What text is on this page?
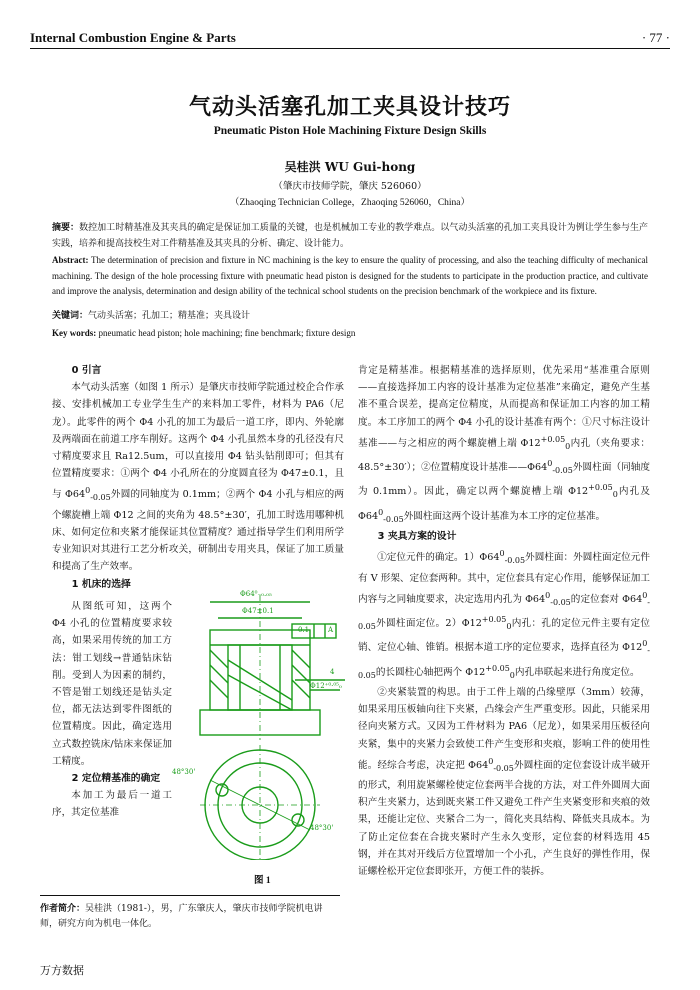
Internal Combustion Engine & Parts	· 77 ·
气动头活塞孔加工夹具设计技巧
Pneumatic Piston Hole Machining Fixture Design Skills
吴桂洪 WU Gui-hong
（肇庆市技师学院，肇庆 526060）
（Zhaoqing Technician College，Zhaoqing 526060，China）
摘要：数控加工时精基准及其夹具的确定是保证加工质量的关键，也是机械加工专业的教学难点。以气动头活塞的孔加工夹具设计为例让学生参与生产实践，培养和提高技校生对工件精基准及其夹具的分析、确定、设计能力。
Abstract: The determination of precision and fixture in NC machining is the key to ensure the quality of processing, and also the teaching difficulty of mechanical machining. The design of the hole processing fixture with pneumatic head piston is designed for the students to participate in the production practice, and cultivate and improve the analysis, determination and design ability of the technical school students on the precision benchmark of the workpiece and its fixture.
关键词：气动头活塞；孔加工；精基准；夹具设计
Key words: pneumatic head piston; hole machining; fine benchmark; fixture design

0 引言

本气动头活塞（如图 1 所示）是肇庆市技师学院通过校企合作承接、安排机械加工专业学生生产的来料加工零件，材料为 PA6（尼龙）。此零件的两个 Φ4 小孔的加工为最后一道工序，即内、外轮廓及两端面在前道工序车削好。这两个 Φ4 小孔虽然本身的孔径没有尺寸精度要求且 Ra12.5um，可以直接用 Φ4 钻头钻削即可；但其有位置精度要求：①两个 Φ4 小孔所在的分度圆直径为 Φ47±0.1，且与 $\Phi 64^0_{-0.05}$外圆的同轴度为 0.1mm；②两个 Φ4 小孔与相应的两个螺旋槽上端 Φ12 之间的夹角为 48.5°±30′，孔加工时选用哪种机床、如何定位和夹紧才能保证其位置精度？通过指导学生们利用所学专业知识对其进行工艺分析攻关，研制出专用夹具，保证了加工质量和提高了生产效率。

1 机床的选择

从图纸可知，这两个 Φ4 小孔的位置精度要求较高，如果采用传统的加工方法：钳工划线→普通钻床钻削。受到人为因素的制约，不管是钳工划线还是钻头定位，都无法达到零件图纸的位置精度。因此，确定选用立式数控铣床/钻床来保证加工精度。

2 定位精基准的确定

本加工为最后一道工序，其定位基准

Φ64⁰₋₀.₀₅
Φ47±0.1
0.1	A
4
Φ12⁺⁰·⁰⁵₀
48°30'
48°30'
图 1

肯定是精基准。根据精基准的选择原则，优先采用“基准重合原则——直接选择加工内容的设计基准为定位基准”来确定，避免产生基准不重合误差，提高定位精度，从而提高和保证加工内容的加工精度。本工序加工的两个 Φ4 小孔的设计基准有两个：①尺寸标注设计基准——与之相应的两个螺旋槽上端 $\Phi 12^{+0.05}_0$内孔（夹角要求：48.5°±30′）；②位置精度设计基准$——\Phi 64^0_{-0.05}$外圆柱面（同轴度为 0.1mm）。因此，确定以两个螺旋槽上端 $\Phi 12^{+0.05}_0$内孔及 $\Phi 64^0_{-0.05}$外圆柱面这两个设计基准为本工序的定位基准。

3 夹具方案的设计

①定位元件的确定。$1)\Phi 64^0_{-0.05}$外圆柱面：外圆柱面定位元件有 V 形架、定位套两种。其中，定位套具有定心作用，能够保证加工内容与之同轴度要求，决定选用内孔为 $\Phi 64^0_{-0.05}$的定位套对 $\Phi 64^0_{-0.05}$外圆柱面定位。$2)\Phi 12^{+0.05}_0$内孔：孔的定位元件主要有定位销、定位心轴、锥销。根据本道工序的定位要求，选择直径为 $\Phi 12^0_{-0.05}$的长圆柱心轴把两个 $\Phi 12^{+0.05}_0$内孔串联起来进行角度定位。

②夹紧装置的构思。由于工件上端的凸缘壁厚（3mm）较薄，如果采用压板轴向往下夹紧，凸缘会产生严重变形。因此，只能采用径向夹紧方式。又因为工件材料为 PA6（尼龙），如果采用压板径向夹紧，集中的夹紧力会致使工件产生变形和夹痕，影响工件的使用性能。经综合考虑，决定把 $\Phi 64^0_{-0.05}$外圆柱面的定位套设计成半破开的形式，利用旋紧螺栓使定位套两半合拢的方法，对工件外圆周大面积产生夹紧力，达到既夹紧工件又避免工件产生夹紧变形和夹痕的效果，还能让定位、夹紧合二为一，简化夹具结构、降低夹具成本。为了防止定位套在合拢夹紧时产生永久变形，定位套的材料选用 45 钢，并在其对开线后方位置增加一个小孔，产生良好的弹性作用，保证螺栓松开定位套即张开，方便工件的装拆。

作者简介：吴桂洪（1981-），男，广东肇庆人，肇庆市技师学院机电讲师，研究方向为机电一体化。
万方数据
